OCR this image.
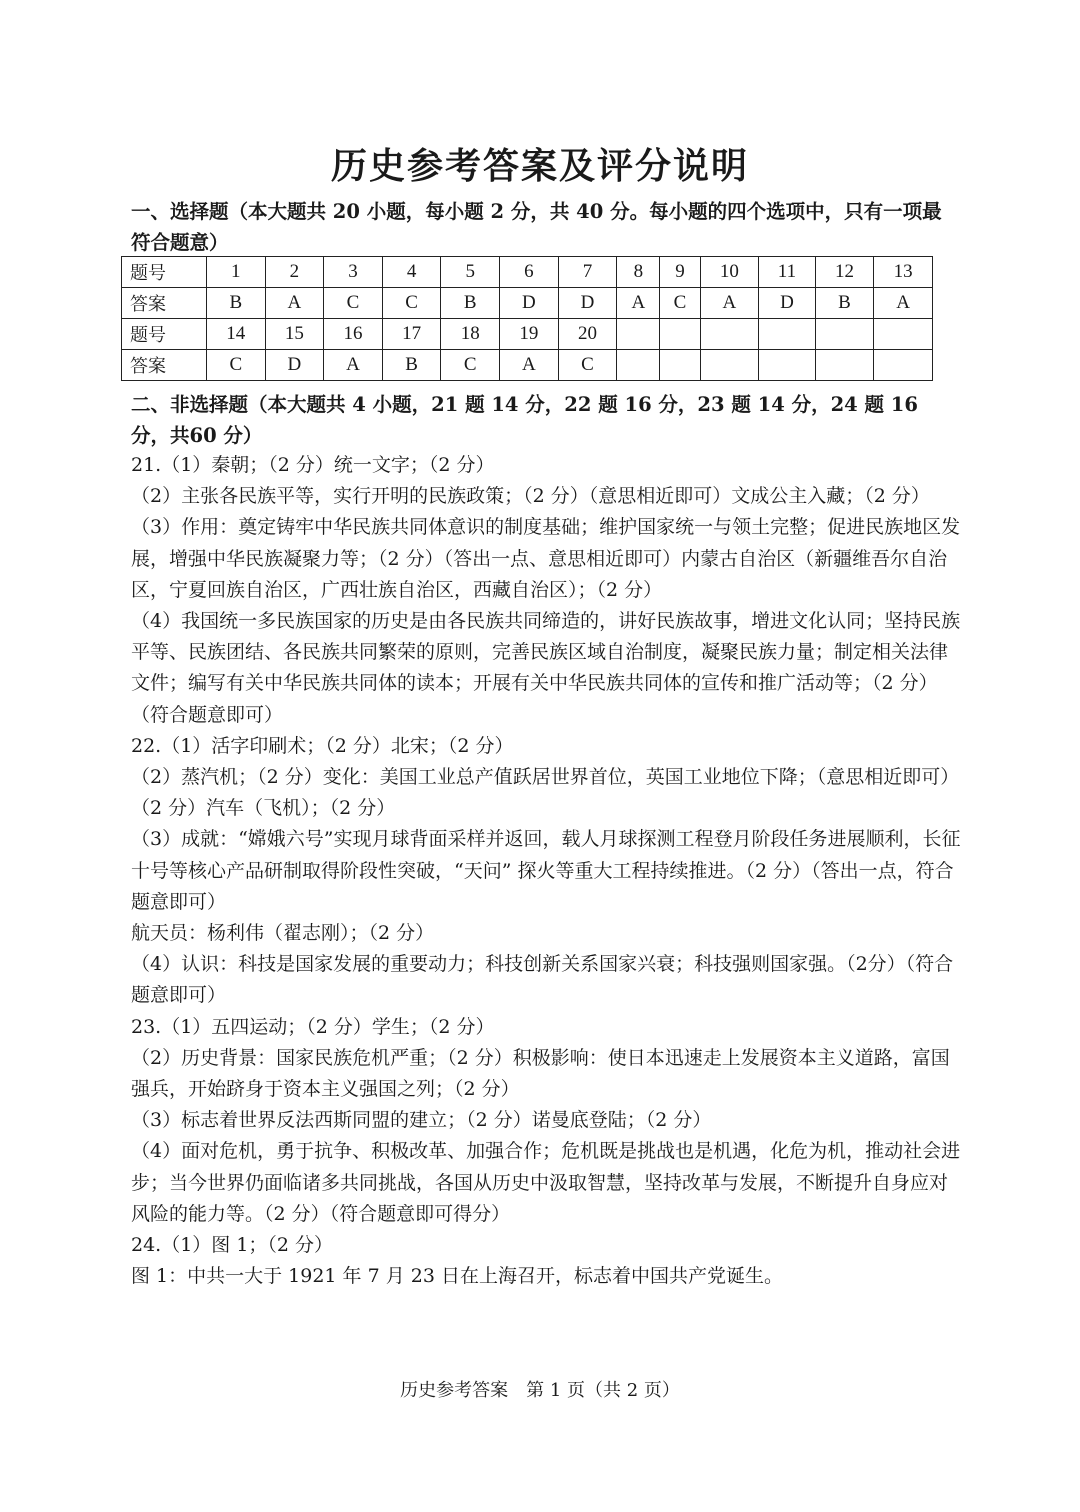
历史参考答案及评分说明
一、选择题（本大题共 20 小题，每小题 2 分，共 40 分。每小题的四个选项中，只有一项最符合题意）
题号	1	2	3	4	5	6	7	8	9	10	11	12	13
答案	B	A	C	C	B	D	D	A	C	A	D	B	A
题号	14	15	16	17	18	19	20						
答案	C	D	A	B	C	A	C						
二、非选择题（本大题共 4 小题，21 题 14 分，22 题 16 分，23 题 14 分，24 题 16 分，共60 分）

21.（1）秦朝；（2 分）统一文字；（2 分）

（2）主张各民族平等，实行开明的民族政策；（2 分）（意思相近即可）文成公主入藏；（2 分）

（3）作用：奠定铸牢中华民族共同体意识的制度基础；维护国家统一与领土完整；促进民族地区发展，增强中华民族凝聚力等；（2 分）（答出一点、意思相近即可）内蒙古自治区（新疆维吾尔自治区，宁夏回族自治区，广西壮族自治区，西藏自治区）；（2 分）

（4）我国统一多民族国家的历史是由各民族共同缔造的，讲好民族故事，增进文化认同；坚持民族平等、民族团结、各民族共同繁荣的原则，完善民族区域自治制度，凝聚民族力量；制定相关法律文件；编写有关中华民族共同体的读本；开展有关中华民族共同体的宣传和推广活动等；（2 分）（符合题意即可）

22.（1）活字印刷术；（2 分）北宋；（2 分）

（2）蒸汽机；（2 分）变化：美国工业总产值跃居世界首位，英国工业地位下降；（意思相近即可）（2 分）汽车（飞机）；（2 分）

（3）成就：“嫦娥六号”实现月球背面采样并返回，载人月球探测工程登月阶段任务进展顺利，长征十号等核心产品研制取得阶段性突破，“天问” 探火等重大工程持续推进。（2 分）（答出一点，符合题意即可）

航天员：杨利伟（翟志刚）；（2 分）

（4）认识：科技是国家发展的重要动力；科技创新关系国家兴衰；科技强则国家强。（2分）（符合题意即可）

23.（1）五四运动；（2 分）学生；（2 分）

（2）历史背景：国家民族危机严重；（2 分）积极影响：使日本迅速走上发展资本主义道路，富国强兵，开始跻身于资本主义强国之列；（2 分）

（3）标志着世界反法西斯同盟的建立；（2 分）诺曼底登陆；（2 分）

（4）面对危机，勇于抗争、积极改革、加强合作；危机既是挑战也是机遇，化危为机，推动社会进步；当今世界仍面临诸多共同挑战，各国从历史中汲取智慧，坚持改革与发展，不断提升自身应对风险的能力等。（2 分）（符合题意即可得分）

24.（1）图 1；（2 分）

图 1：中共一大于 1921 年 7 月 23 日在上海召开，标志着中国共产党诞生。

历史参考答案　第 1 页（共 2 页）
